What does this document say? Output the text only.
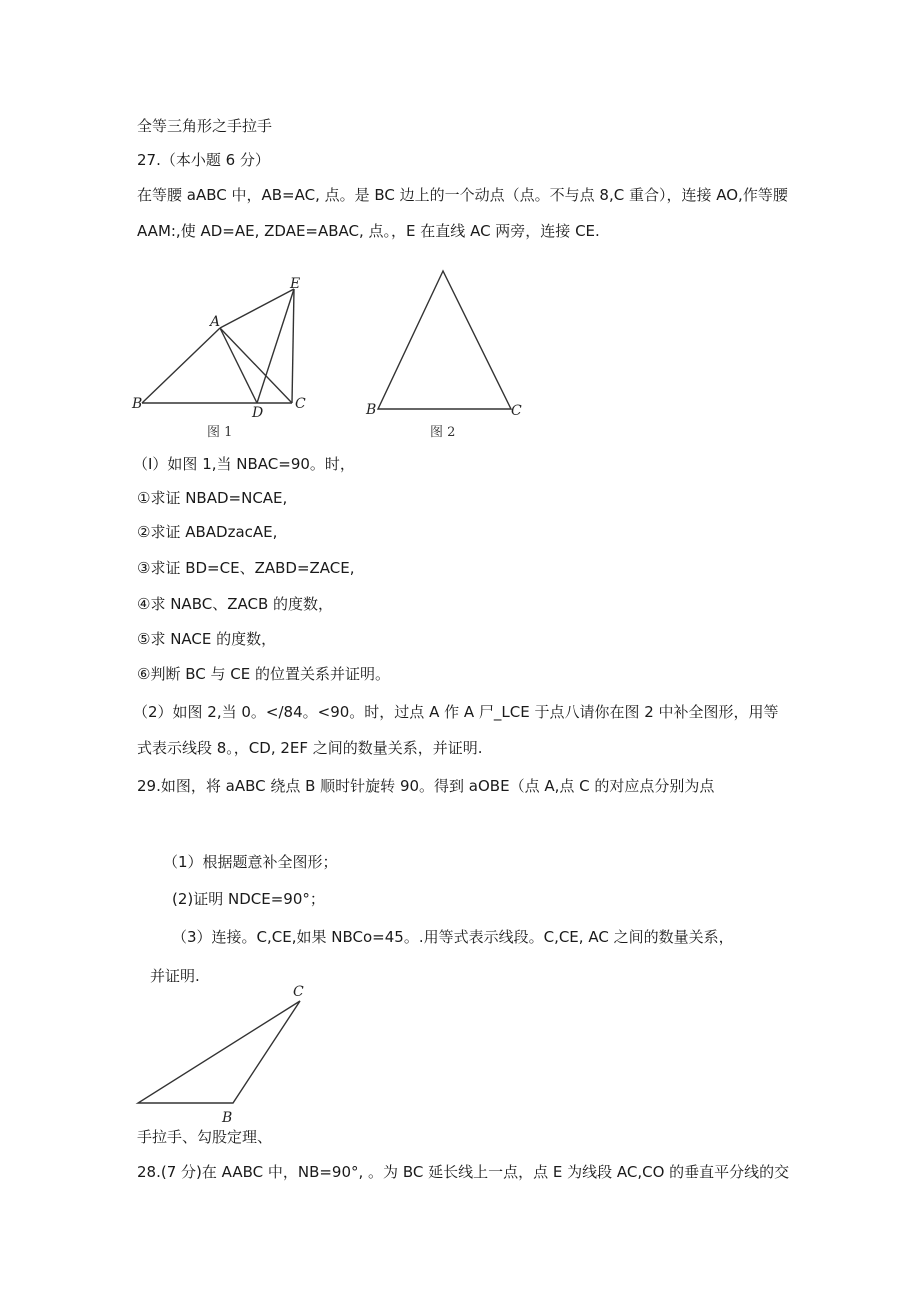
全等三角形之手拉手
27.（本小题 6 分）
在等腰 aABC 中，AB=AC, 点。是 BC 边上的一个动点（点。不与点 8,C 重合），连接 AO,作等腰
AAM:,使 AD=AE, ZDAE=ABAC, 点。，E 在直线 AC 两旁，连接 CE.
B
A
C
D
E
图 1
B	C
图 2
（I）如图 1,当 NBAC=90。时，
①求证 NBAD=NCAE,
②求证 ABADzacAE,
③求证 BD=CE、ZABD=ZACE,
④求 NABC、ZACB 的度数，
⑤求 NACE 的度数，
⑥判断 BC 与 CE 的位置关系并证明。
（2）如图 2,当 0。</84。<90。时，过点 A 作 A 尸_LCE 于点八请你在图 2 中补全图形，用等
式表示线段 8。，CD, 2EF 之间的数量关系，并证明.
29.如图，将 aABC 绕点 B 顺时针旋转 90。得到 aOBE（点 A,点 C 的对应点分别为点
（1）根据题意补全图形；
(2)证明 NDCE=90°；
（3）连接。C,CE,如果 NBCo=45。.用等式表示线段。C,CE, AC 之间的数量关系，
并证明.
C
B
手拉手、勾股定理、
28.(7 分)在 AABC 中，NB=90°, 。为 BC 延长线上一点，点 E 为线段 AC,CO 的垂直平分线的交
